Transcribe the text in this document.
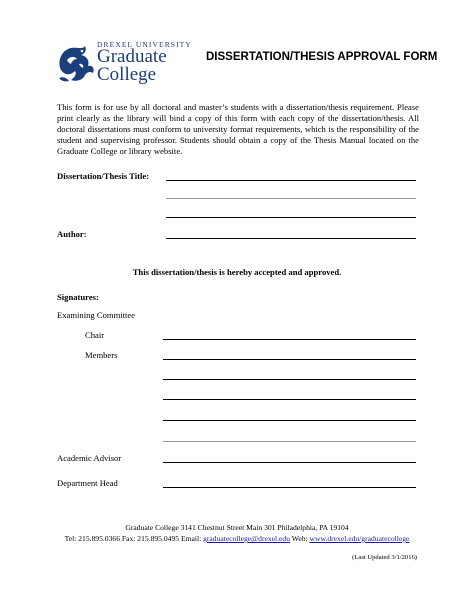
DREXEL UNIVERSITY
Graduate
College
DISSERTATION/THESIS APPROVAL FORM
This form is for use by all doctoral and master’s students with a dissertation/thesis requirement. Please print clearly as the library will bind a copy of this form with each copy of the dissertation/thesis. All doctoral dissertations must conform to university format requirements, which is the responsibility of the student and supervising professor. Students should obtain a copy of the Thesis Manual located on the Graduate College or library website.
Dissertation/Thesis Title:
Author:
This dissertation/thesis is hereby accepted and approved.
Signatures:
Examining Committee
Chair
Members
Academic Advisor
Department Head
Graduate College 3141 Chestnut Street Main 301 Philadelphia, PA 19104
Tel: 215.895.0366 Fax: 215.895.0495 Email: graduatecollege@drexel.edu Web: www.drexel.edu/graduatecollege
(Last Updated 3/1/2016)
